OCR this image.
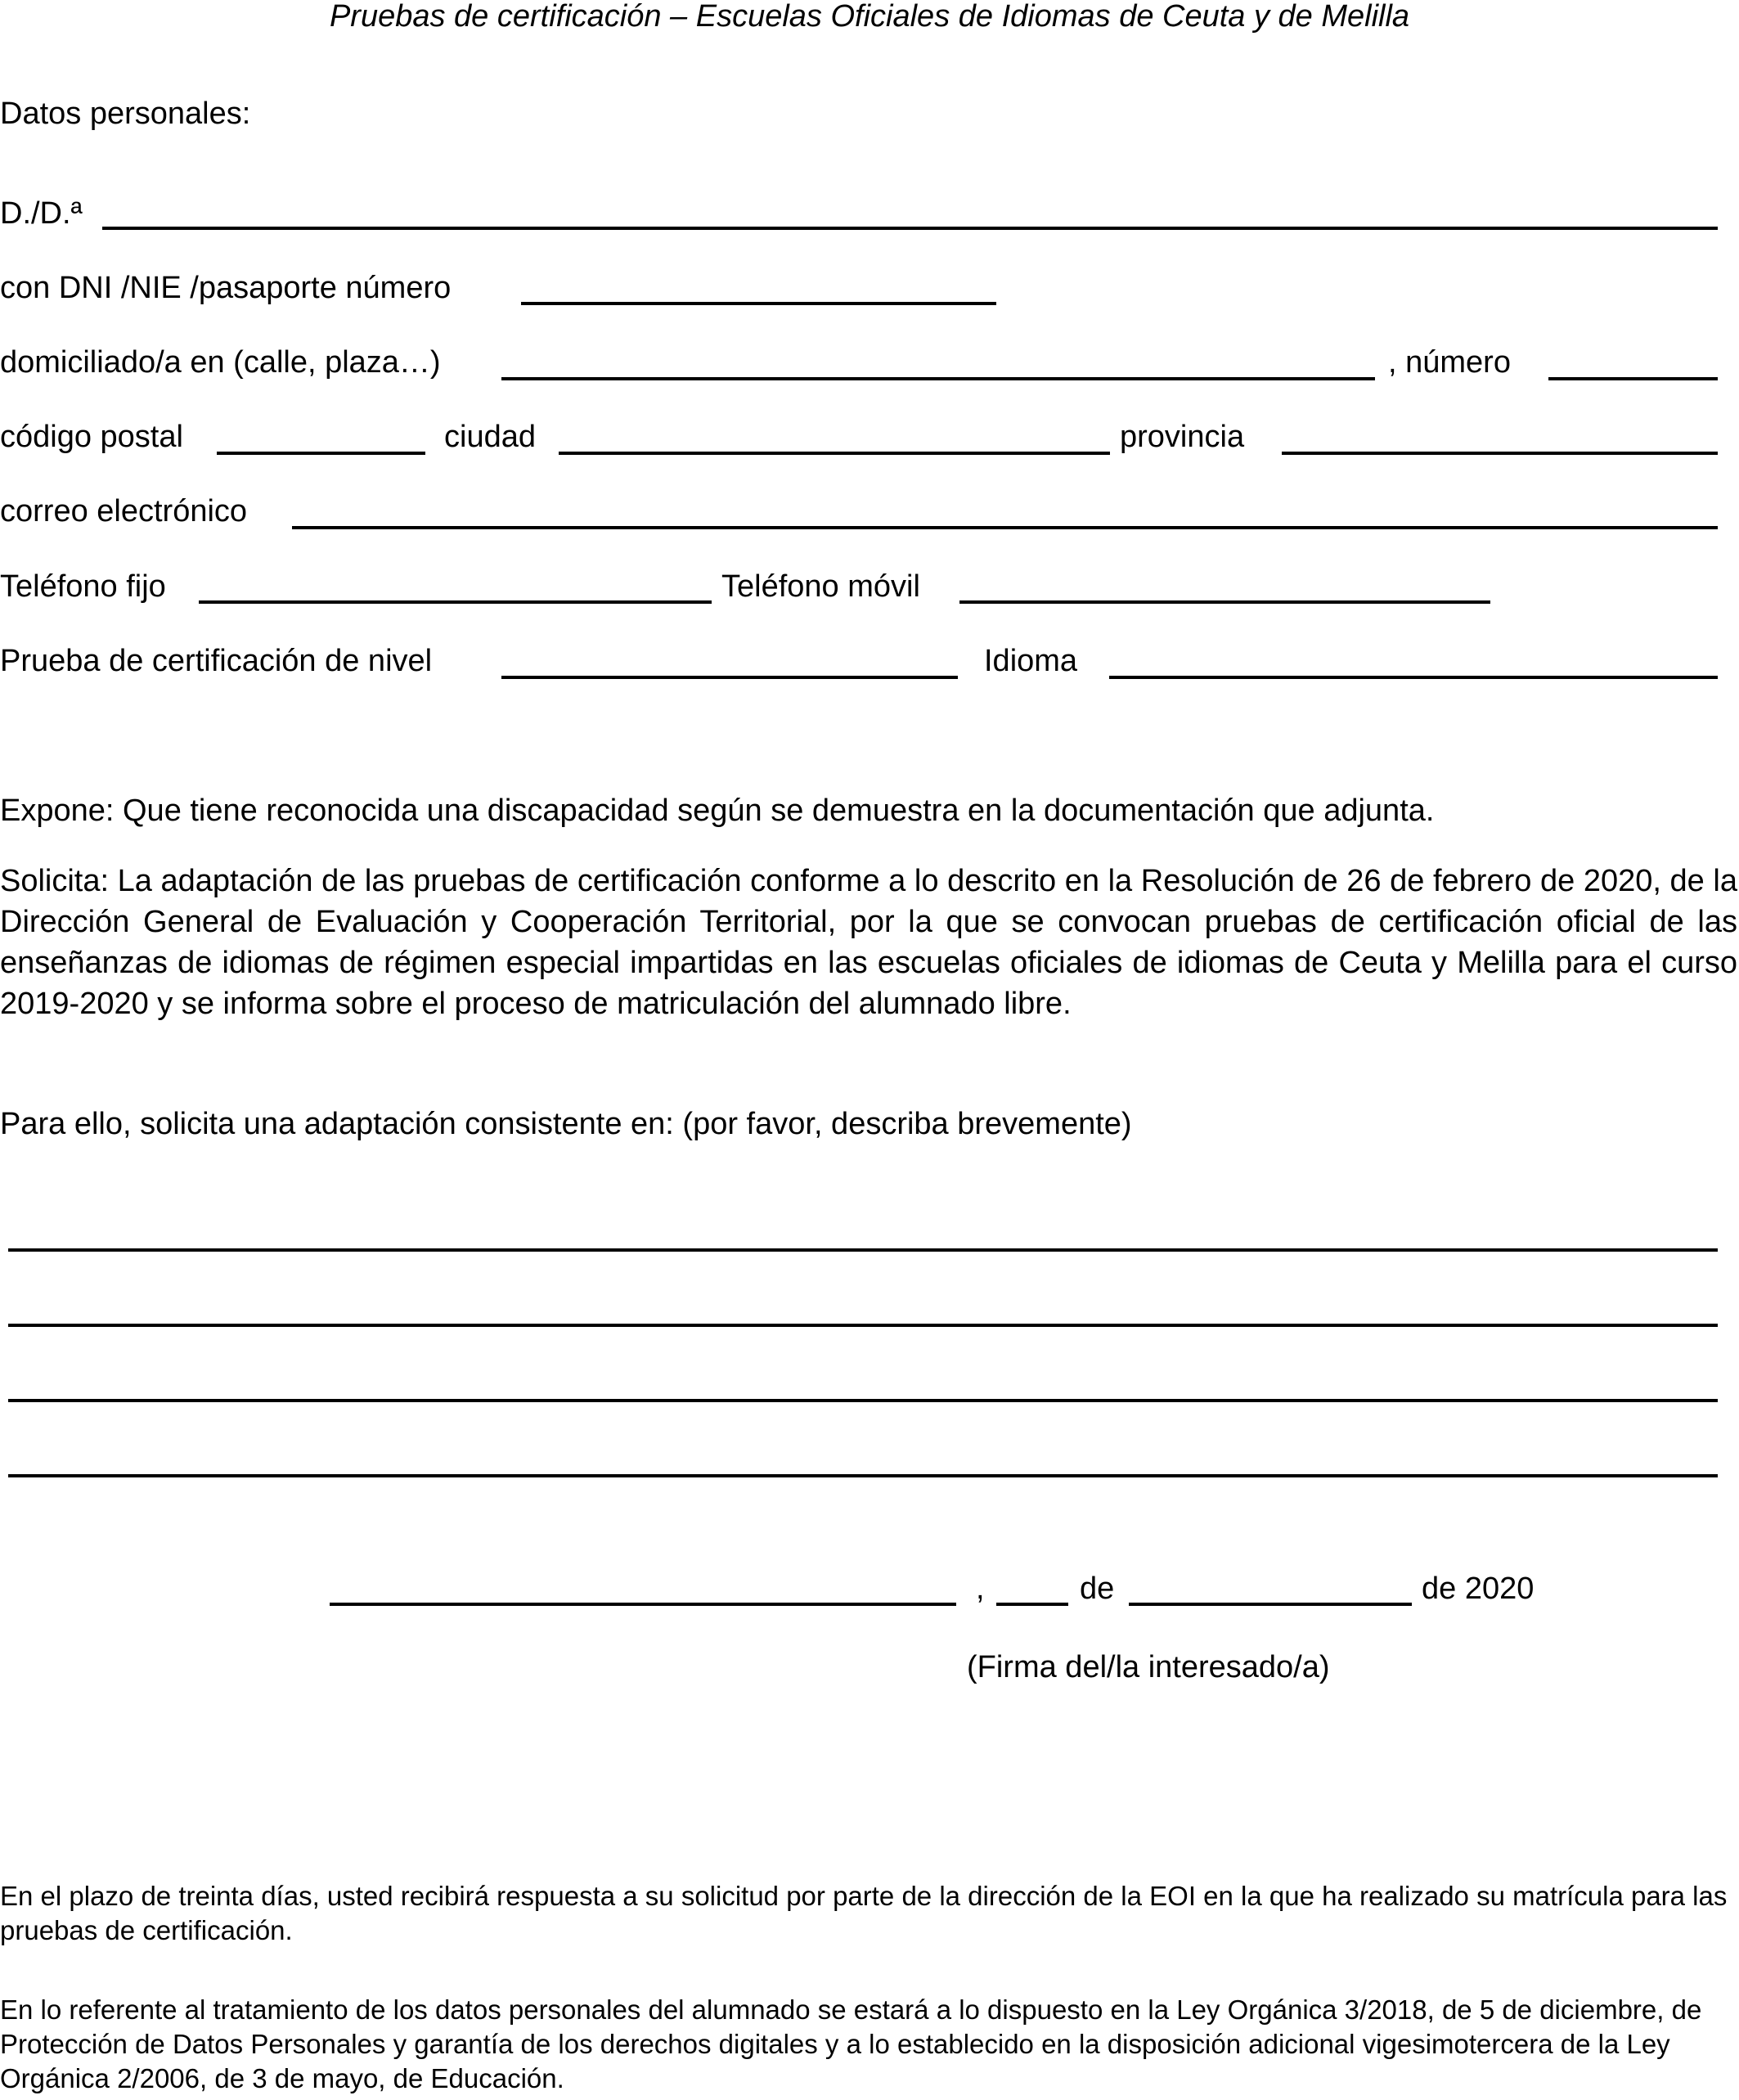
Pruebas de certificación – Escuelas Oficiales de Idiomas de Ceuta y de Melilla
Datos personales:
D./D.ª
con DNI /NIE /pasaporte número
domiciliado/a en (calle, plaza…)	, número
código postal	ciudad	provincia
correo electrónico
Teléfono fijo	Teléfono móvil
Prueba de certificación de nivel	Idioma
Expone: Que tiene reconocida una discapacidad según se demuestra en la documentación que adjunta.
Solicita: La adaptación de las pruebas de certificación conforme a lo descrito en la Resolución de 26 de febrero de 2020, de la Dirección General de Evaluación y Cooperación Territorial, por la que se convocan pruebas de certificación oficial de las enseñanzas de idiomas de régimen especial impartidas en las escuelas oficiales de idiomas de Ceuta y Melilla para el curso 2019-2020 y se informa sobre el proceso de matriculación del alumnado libre.
Para ello, solicita una adaptación consistente en: (por favor, describa brevemente)
,	de	de 2020
(Firma del/la interesado/a)
En el plazo de treinta días, usted recibirá respuesta a su solicitud por parte de la dirección de la EOI en la que ha realizado su matrícula para las pruebas de certificación.
En lo referente al tratamiento de los datos personales del alumnado se estará a lo dispuesto en la Ley Orgánica 3/2018, de 5 de diciembre, de Protección de Datos Personales y garantía de los derechos digitales y a lo establecido en la disposición adicional vigesimotercera de la Ley Orgánica 2/2006, de 3 de mayo, de Educación.
